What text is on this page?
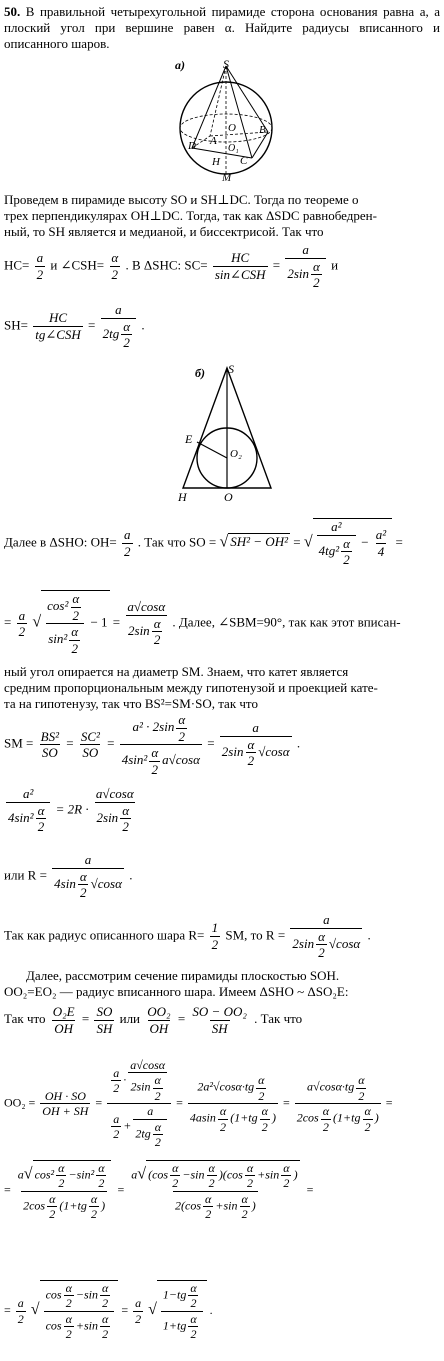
50. В правильной четырехугольной пирамиде сторона основания равна а, а плоский угол при вершине равен α. Найдите радиусы вписанного и описанного шаров.
а)	S
B
O
A
D	O₁
H C
M
Проведем в пирамиде высоту SO и SH⊥DC. Тогда по теореме о
трех перпендикулярах OH⊥DC. Тогда, так как ΔSDC равнобедрен-
ный, то SH является и медианой, и биссектрисой. Так что
$HC= \frac{a}{2}$ и ∠CSH= $\frac{\alpha}{2}$ . В ΔSHC: $SC= \frac{HC}{\text{sin∠CSH}} = \frac{a}{2\sin \frac{\alpha}{2}}$ и
$SH= \frac{HC}{\text{tg∠CSH}} = \frac{a}{2tg \frac{\alpha}{2}}$ .
б) S
E
O₂
H	O
Далее в ΔSHO: $OH= \frac{a}{2}$ . Так что SO = √ SH² − OH² = √ $\frac{\text{a²}}{4tg^2 \frac{\alpha}{2}} - \frac{\text{a²}}{4}$ =
= $\frac{a}{2}$ √ $\frac{\cos^2 \frac{\alpha}{2}}{\sin^2 \frac{\alpha}{2}} - 1 = \frac{a√\cos\alpha}{2\sin \frac{\alpha}{2}}$ . Далее, ∠SBM=90°, так как этот вписан-
ный угол опирается на диаметр SM. Знаем, что катет является
средним пропорциональным между гипотенузой и проекцией кате-
та на гипотенузу, так что BS²=SM·SO, так что
SM = $\frac{\text{BS²}}{SO} = \frac{\text{SC²}}{SO} = \frac{a^2 \cdot 2\sin \frac{\alpha}{2}}{4\sin^2 \frac{\alpha}{2} a√\cos\alpha} = \frac{a}{2\sin \frac{\alpha}{2} √\cos\alpha}$ .
$\frac{\text{a²}}{4\sin^2 \frac{\alpha}{2}} = 2R \cdot \frac{a√\cos\alpha}{2\sin \frac{\alpha}{2}}$
или $R = \frac{a}{4\sin \frac{\alpha}{2} √\cos\alpha}$ .
Так как радиус описанного шара $R= \frac{1}{2}$ SM, то $R = \frac{a}{2\sin \frac{\alpha}{2} √\cos\alpha}$ .
Далее, рассмотрим сечение пирамиды плоскостью SOH.
OO₂=EO₂ — радиус вписанного шара. Имеем ΔSHO ~ ΔSO₂E:
Так что $\frac{\text{O₂E}}{OH} = \frac{SO}{SH}$ или $\frac{\text{OO₂}}{OH} = \frac{\text{SO − OO₂}}{SH}$ . Так что
$OO_2 = \frac{OH \cdot SO}{OH + SH} = \frac{\frac{a}{2} \cdot \frac{a√\cos\alpha}{2\sin \frac{\alpha}{2}}}{\frac{a}{2} + \frac{a}{2tg \frac{\alpha}{2}}} = \frac{2a^2√\cos\alpha\cdot tg \frac{\alpha}{2}}{4asin \frac{\alpha}{2} (1+tg \frac{\alpha}{2} )} = \frac{a√\cos\alpha\cdot tg \frac{\alpha}{2}}{2\cos \frac{\alpha}{2} (1+tg \frac{\alpha}{2} )}$ =
= $\frac{a√ \cos^2 \frac{\alpha}{2} -\sin^2 \frac{\alpha}{2}}{2\cos \frac{\alpha}{2} (1+tg \frac{\alpha}{2} )} = \frac{a√ (\cos \frac{\alpha}{2} -\sin \frac{\alpha}{2} )(\cos \frac{\alpha}{2} +\sin \frac{\alpha}{2} )}{2(\cos \frac{\alpha}{2} +\sin \frac{\alpha}{2} )}$ =
= $\frac{a}{2}$ √ $\frac{\cos \frac{\alpha}{2} -\sin \frac{\alpha}{2}}{\cos \frac{\alpha}{2} +\sin \frac{\alpha}{2}} = \frac{a}{2}$ √ $\frac{1-tg \frac{\alpha}{2}}{1+tg \frac{\alpha}{2}}$ .
